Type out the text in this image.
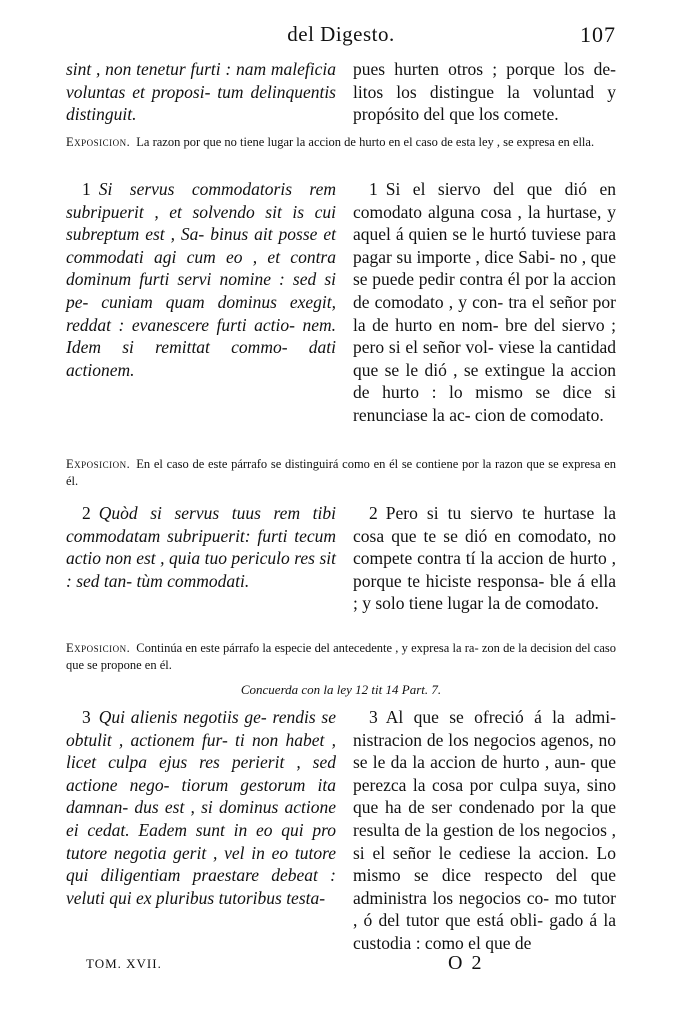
del Digesto.	107
sint , non tenetur furti : nam maleficia voluntas et proposi- tum delinquentis distinguit.
pues hurten otros ; porque los de- litos los distingue la voluntad y propósito del que los comete.
Exposicion. La razon por que no tiene lugar la accion de hurto en el caso de esta ley , se expresa en ella.
1 Si servus commodatoris rem subripuerit , et solvendo sit is cui subreptum est , Sa- binus ait posse et commodati agi cum eo , et contra dominum furti servi nomine : sed si pe- cuniam quam dominus exegit, reddat : evanescere furti actio- nem. Idem si remittat commo- dati actionem.
1 Si el siervo del que dió en comodato alguna cosa , la hurtase, y aquel á quien se le hurtó tuviese para pagar su importe , dice Sabi- no , que se puede pedir contra él por la accion de comodato , y con- tra el señor por la de hurto en nom- bre del siervo ; pero si el señor vol- viese la cantidad que se le dió , se extingue la accion de hurto : lo mismo se dice si renunciase la ac- cion de comodato.
Exposicion. En el caso de este párrafo se distinguirá como en él se contiene por la razon que se expresa en él.
2 Quòd si servus tuus rem tibi commodatam subripuerit: furti tecum actio non est , quia tuo periculo res sit : sed tan- tùm commodati.
2 Pero si tu siervo te hurtase la cosa que te se dió en comodato, no compete contra tí la accion de hurto , porque te hiciste responsa- ble á ella ; y solo tiene lugar la de comodato.
Exposicion. Continúa en este párrafo la especie del antecedente , y expresa la ra- zon de la decision del caso que se propone en él.
Concuerda con la ley 12 tit 14 Part. 7.
3 Qui alienis negotiis ge- rendis se obtulit , actionem fur- ti non habet , licet culpa ejus res perierit , sed actione nego- tiorum gestorum ita damnan- dus est , si dominus actione ei cedat. Eadem sunt in eo qui pro tutore negotia gerit , vel in eo tutore qui diligentiam praestare debeat : veluti qui ex pluribus tutoribus testa-
3 Al que se ofreció á la admi- nistracion de los negocios agenos, no se le da la accion de hurto , aun- que perezca la cosa por culpa suya, sino que ha de ser condenado por la que resulta de la gestion de los negocios , si el señor le cediese la accion. Lo mismo se dice respecto del que administra los negocios co- mo tutor , ó del tutor que está obli- gado á la custodia : como el que de
TOM. XVII.	O 2
